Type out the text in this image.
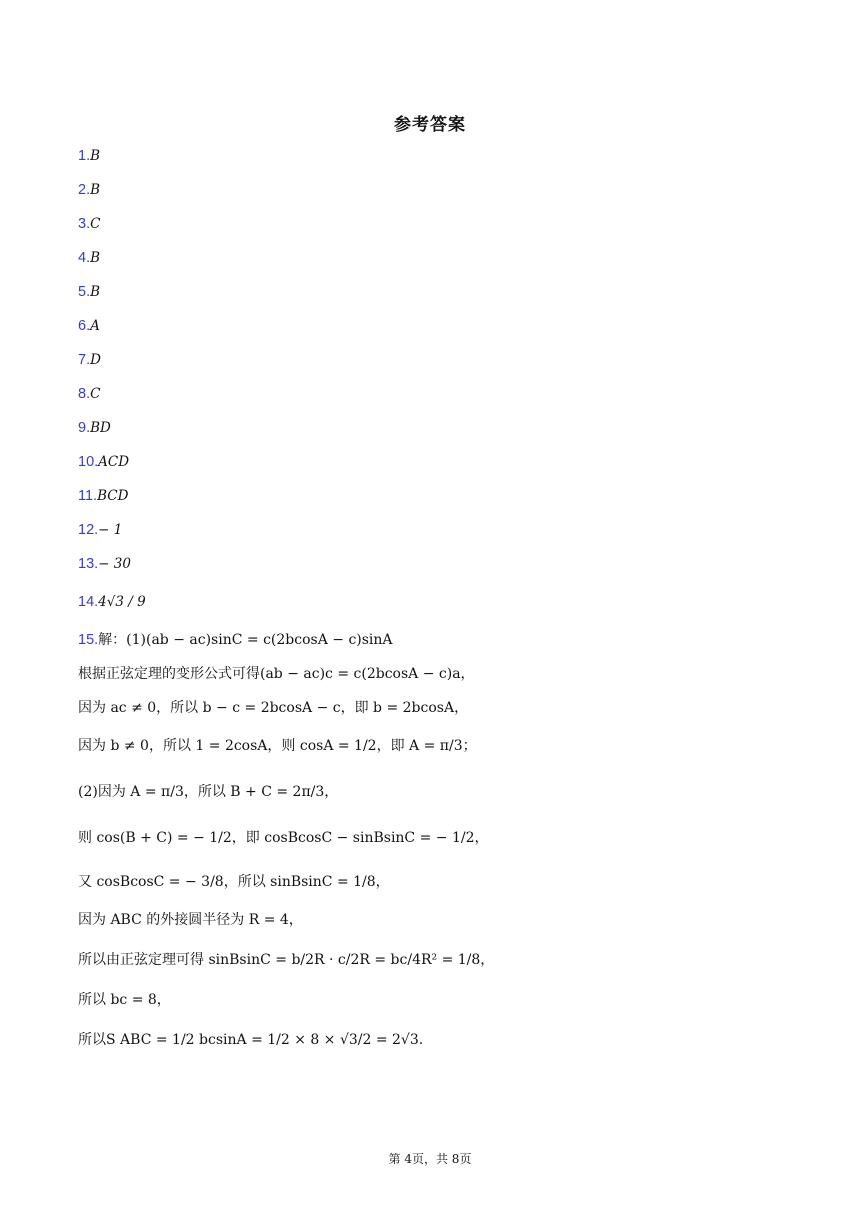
参考答案
1.B
2.B
3.C
4.B
5.B
6.A
7.D
8.C
9.BD
10.ACD
11.BCD
12.− 1
13.− 30
14.4√3 / 9
15.解：(1)(ab − ac)sinC = c(2bcosA − c)sinA
根据正弦定理的变形公式可得(ab − ac)c = c(2bcosA − c)a，
因为 ac ≠ 0，所以 b − c = 2bcosA − c，即 b = 2bcosA，
因为 b ≠ 0，所以 1 = 2cosA，则 cosA = 1/2，即 A = π/3；
(2)因为 A = π/3，所以 B + C = 2π/3，
则 cos(B + C) = − 1/2，即 cosBcosC − sinBsinC = − 1/2，
又 cosBcosC = − 3/8，所以 sinBsinC = 1/8，
因为 ABC 的外接圆半径为 R = 4，
所以由正弦定理可得 sinBsinC = b/2R · c/2R = bc/4R² = 1/8，
所以 bc = 8，
所以S ABC = 1/2 bcsinA = 1/2 × 8 × √3/2 = 2√3.
第 4页，共 8页
